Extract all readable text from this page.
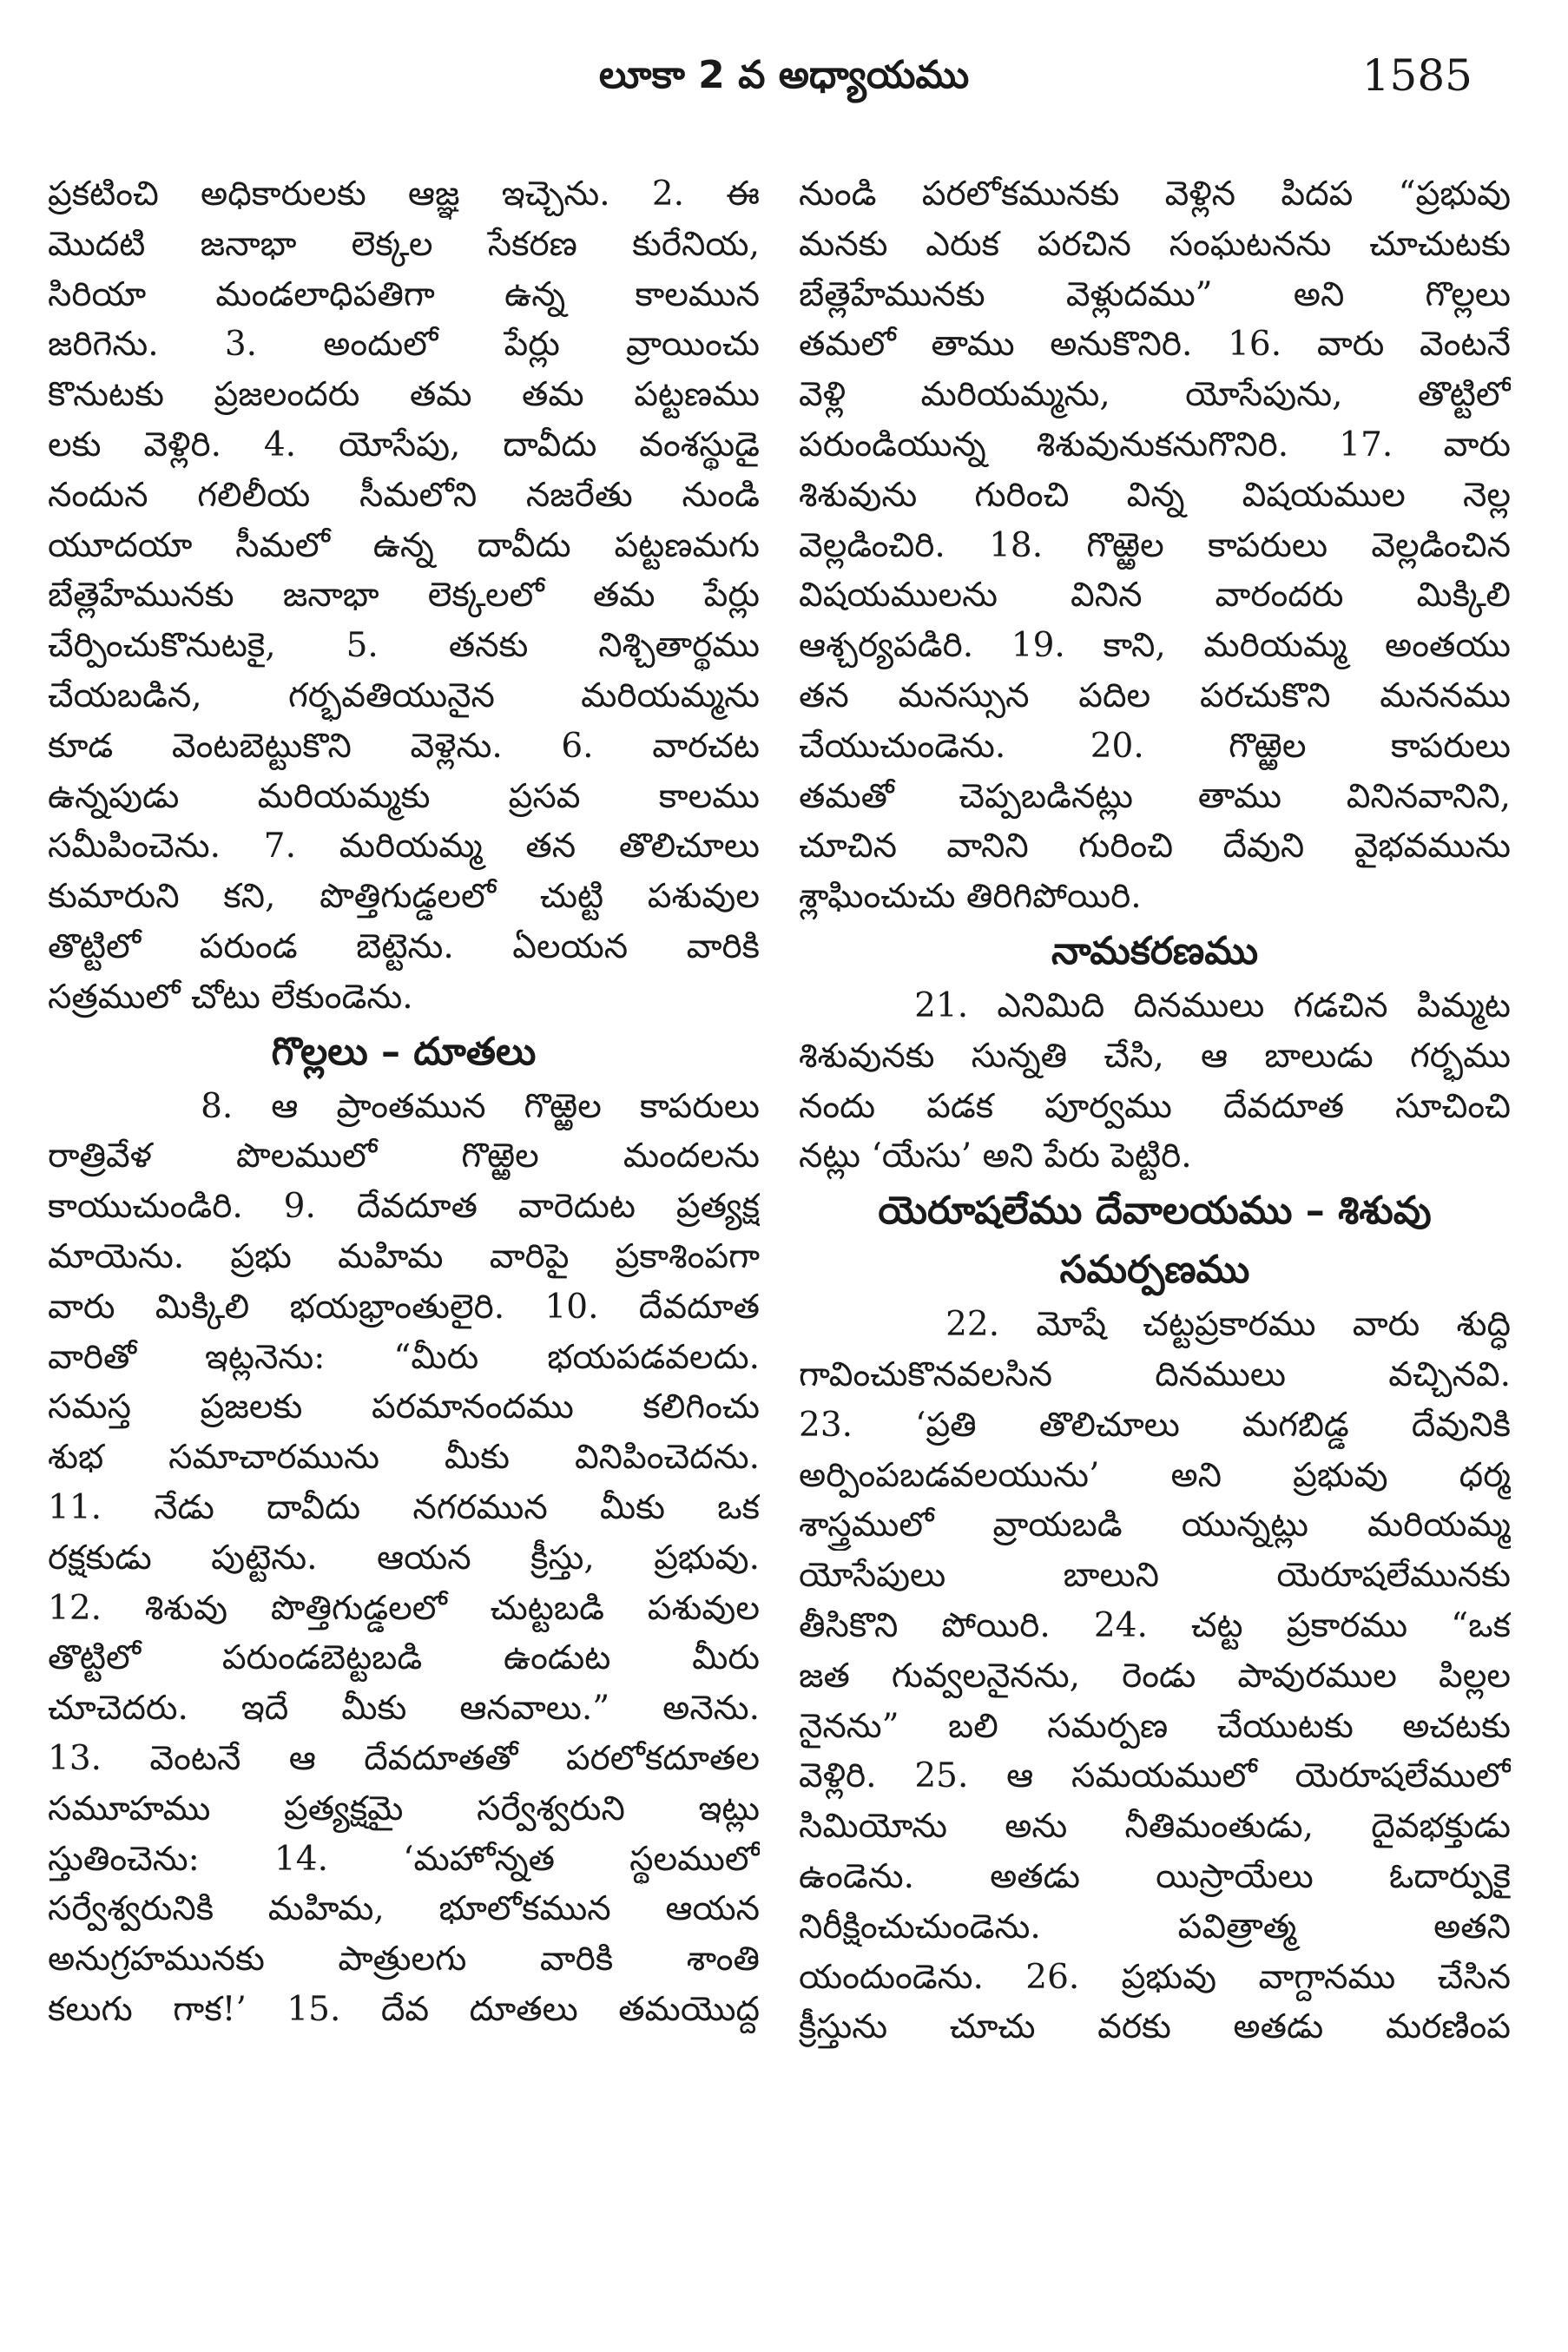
లూకా 2 వ అధ్యాయము	1585
ప్రకటించి అధికారులకు ఆజ్ఞ ఇచ్చెను. 2. ఈ
మొదటి జనాభా లెక్కల సేకరణ కురేనియ,
సిరియా మండలాధిపతిగా ఉన్న కాలమున
జరిగెను. 3. అందులో పేర్లు వ్రాయించు
కొనుటకు ప్రజలందరు తమ తమ పట్టణము
లకు వెళ్లిరి. 4. యోసేపు, దావీదు వంశస్థుడై
నందున గలిలీయ సీమలోని నజరేతు నుండి
యూదయా సీమలో ఉన్న దావీదు పట్టణమగు
బేత్లెహేమునకు జనాభా లెక్కలలో తమ పేర్లు
చేర్పించుకొనుటకై, 5. తనకు నిశ్చితార్థము
చేయబడిన, గర్భవతియునైన మరియమ్మను
కూడ వెంటబెట్టుకొని వెళ్లెను. 6. వారచట
ఉన్నపుడు మరియమ్మకు ప్రసవ కాలము
సమీపించెను. 7. మరియమ్మ తన తొలిచూలు
కుమారుని కని, పొత్తిగుడ్డలలో చుట్టి పశువుల
తొట్టిలో పరుండ బెట్టెను. ఏలయన వారికి
సత్రములో చోటు లేకుండెను.
గొల్లలు – దూతలు
8. ఆ ప్రాంతమున గొఱ్ఱెల కాపరులు
రాత్రివేళ పొలములో గొఱ్ఱెల మందలను
కాయుచుండిరి. 9. దేవదూత వారెదుట ప్రత్యక్ష
మాయెను. ప్రభు మహిమ వారిపై ప్రకాశింపగా
వారు మిక్కిలి భయభ్రాంతులైరి. 10. దేవదూత
వారితో ఇట్లనెను: “మీరు భయపడవలదు.
సమస్త ప్రజలకు పరమానందము కలిగించు
శుభ సమాచారమును మీకు వినిపించెదను.
11. నేడు దావీదు నగరమున మీకు ఒక
రక్షకుడు పుట్టెను. ఆయన క్రీస్తు, ప్రభువు.
12. శిశువు పొత్తిగుడ్డలలో చుట్టబడి పశువుల
తొట్టిలో పరుండబెట్టబడి ఉండుట మీరు
చూచెదరు. ఇదే మీకు ఆనవాలు.” అనెను.
13. వెంటనే ఆ దేవదూతతో పరలోకదూతల
సమూహము ప్రత్యక్షమై సర్వేశ్వరుని ఇట్లు
స్తుతించెను: 14. ‘మహోన్నత స్థలములో
సర్వేశ్వరునికి మహిమ, భూలోకమున ఆయన
అనుగ్రహమునకు పాత్రులగు వారికి శాంతి
కలుగు గాక!’ 15. దేవ దూతలు తమయొద్ద
నుండి పరలోకమునకు వెళ్లిన పిదప “ప్రభువు
మనకు ఎరుక పరచిన సంఘటనను చూచుటకు
బేత్లెహేమునకు వెళ్లుదము” అని గొల్లలు
తమలో తాము అనుకొనిరి. 16. వారు వెంటనే
వెళ్లి మరియమ్మను, యోసేపును, తొట్టిలో
పరుండియున్న శిశువునుకనుగొనిరి. 17. వారు
శిశువును గురించి విన్న విషయముల నెల్ల
వెల్లడించిరి. 18. గొఱ్ఱెల కాపరులు వెల్లడించిన
విషయములను వినిన వారందరు మిక్కిలి
ఆశ్చర్యపడిరి. 19. కాని, మరియమ్మ అంతయు
తన మనస్సున పదిల పరచుకొని మననము
చేయుచుండెను. 20. గొఱ్ఱెల కాపరులు
తమతో చెప్పబడినట్లు తాము వినినవానిని,
చూచిన వానిని గురించి దేవుని వైభవమును
శ్లాఘించుచు తిరిగిపోయిరి.
నామకరణము
21. ఎనిమిది దినములు గడచిన పిమ్మట
శిశువునకు సున్నతి చేసి, ఆ బాలుడు గర్భము
నందు పడక పూర్వము దేవదూత సూచించి
నట్లు ‘యేసు’ అని పేరు పెట్టిరి.
యెరూషలేము దేవాలయము – శిశువు
సమర్పణము
22. మోషే చట్టప్రకారము వారు శుద్ధి
గావించుకొనవలసిన దినములు వచ్చినవి.
23. ‘ప్రతి తొలిచూలు మగబిడ్డ దేవునికి
అర్పింపబడవలయును’ అని ప్రభువు ధర్మ
శాస్త్రములో వ్రాయబడి యున్నట్లు మరియమ్మ
యోసేపులు బాలుని యెరూషలేమునకు
తీసికొని పోయిరి. 24. చట్ట ప్రకారము “ఒక
జత గువ్వలనైనను, రెండు పావురముల పిల్లల
నైనను” బలి సమర్పణ చేయుటకు అచటకు
వెళ్లిరి. 25. ఆ సమయములో యెరూషలేములో
సిమియోను అను నీతిమంతుడు, దైవభక్తుడు
ఉండెను. అతడు యిస్రాయేలు ఓదార్పుకై
నిరీక్షించుచుండెను. పవిత్రాత్మ అతని
యందుండెను. 26. ప్రభువు వాగ్దానము చేసిన
క్రీస్తును చూచు వరకు అతడు మరణింప
